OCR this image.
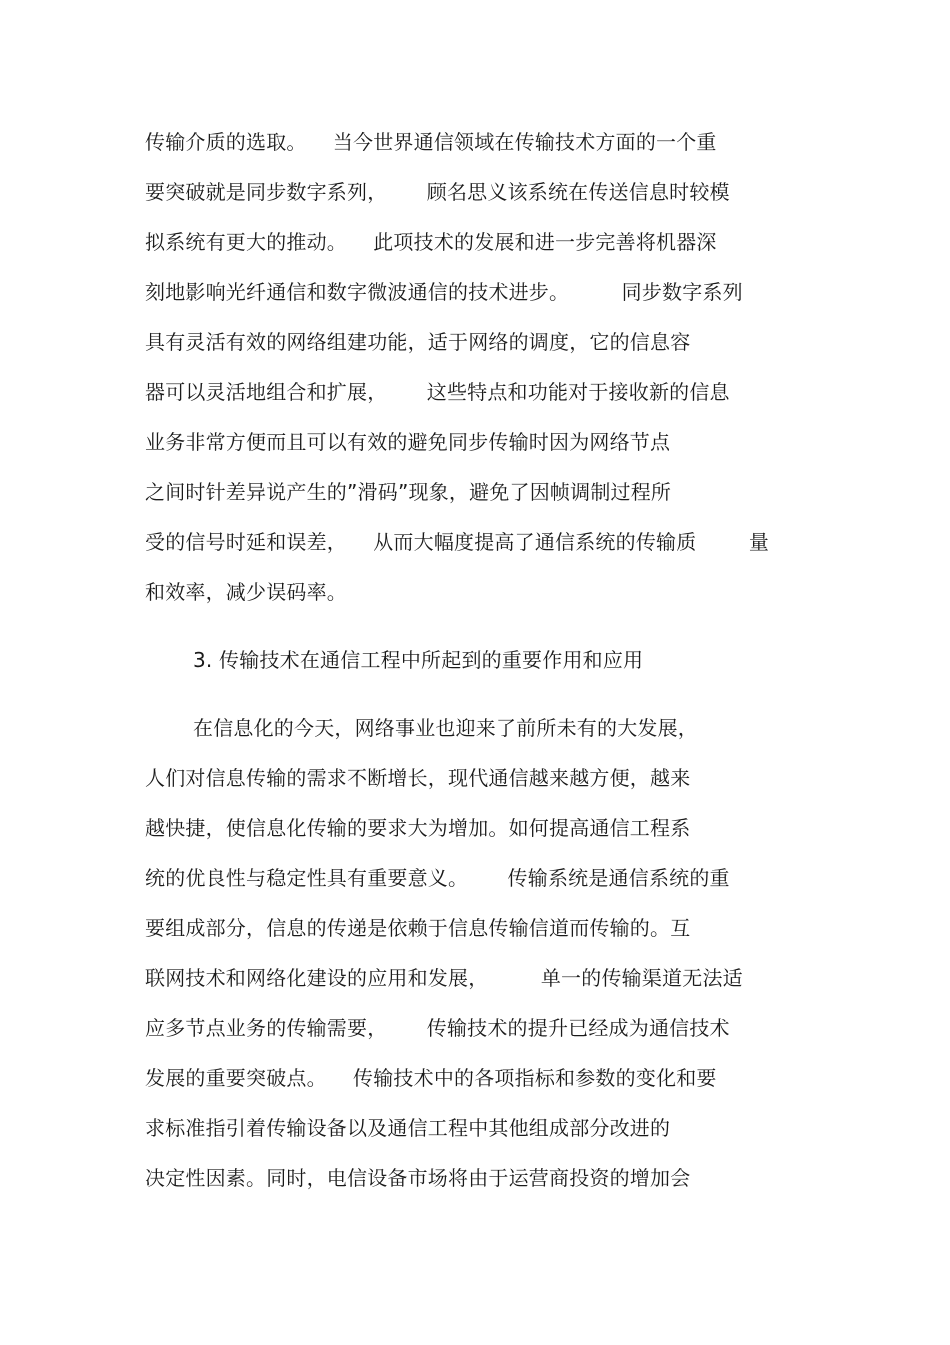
传输介质的选取。    当今世界通信领域在传输技术方面的一个重
要突破就是同步数字系列，      顾名思义该系统在传送信息时较模
拟系统有更大的推动。    此项技术的发展和进一步完善将机器深
刻地影响光纤通信和数字微波通信的技术进步。        同步数字系列
具有灵活有效的网络组建功能，适于网络的调度，它的信息容
器可以灵活地组合和扩展，      这些特点和功能对于接收新的信息
业务非常方便而且可以有效的避免同步传输时因为网络节点
之间时针差异说产生的”滑码”现象，避免了因帧调制过程所
受的信号时延和误差，    从而大幅度提高了通信系统的传输质        量
和效率，减少误码率。
3. 传输技术在通信工程中所起到的重要作用和应用
在信息化的今天，网络事业也迎来了前所未有的大发展，
人们对信息传输的需求不断增长，现代通信越来越方便，越来
越快捷，使信息化传输的要求大为增加。如何提高通信工程系
统的优良性与稳定性具有重要意义。      传输系统是通信系统的重
要组成部分，信息的传递是依赖于信息传输信道而传输的。互
联网技术和网络化建设的应用和发展，        单一的传输渠道无法适
应多节点业务的传输需要，      传输技术的提升已经成为通信技术
发展的重要突破点。    传输技术中的各项指标和参数的变化和要
求标准指引着传输设备以及通信工程中其他组成部分改进的
决定性因素。同时，电信设备市场将由于运营商投资的增加会
